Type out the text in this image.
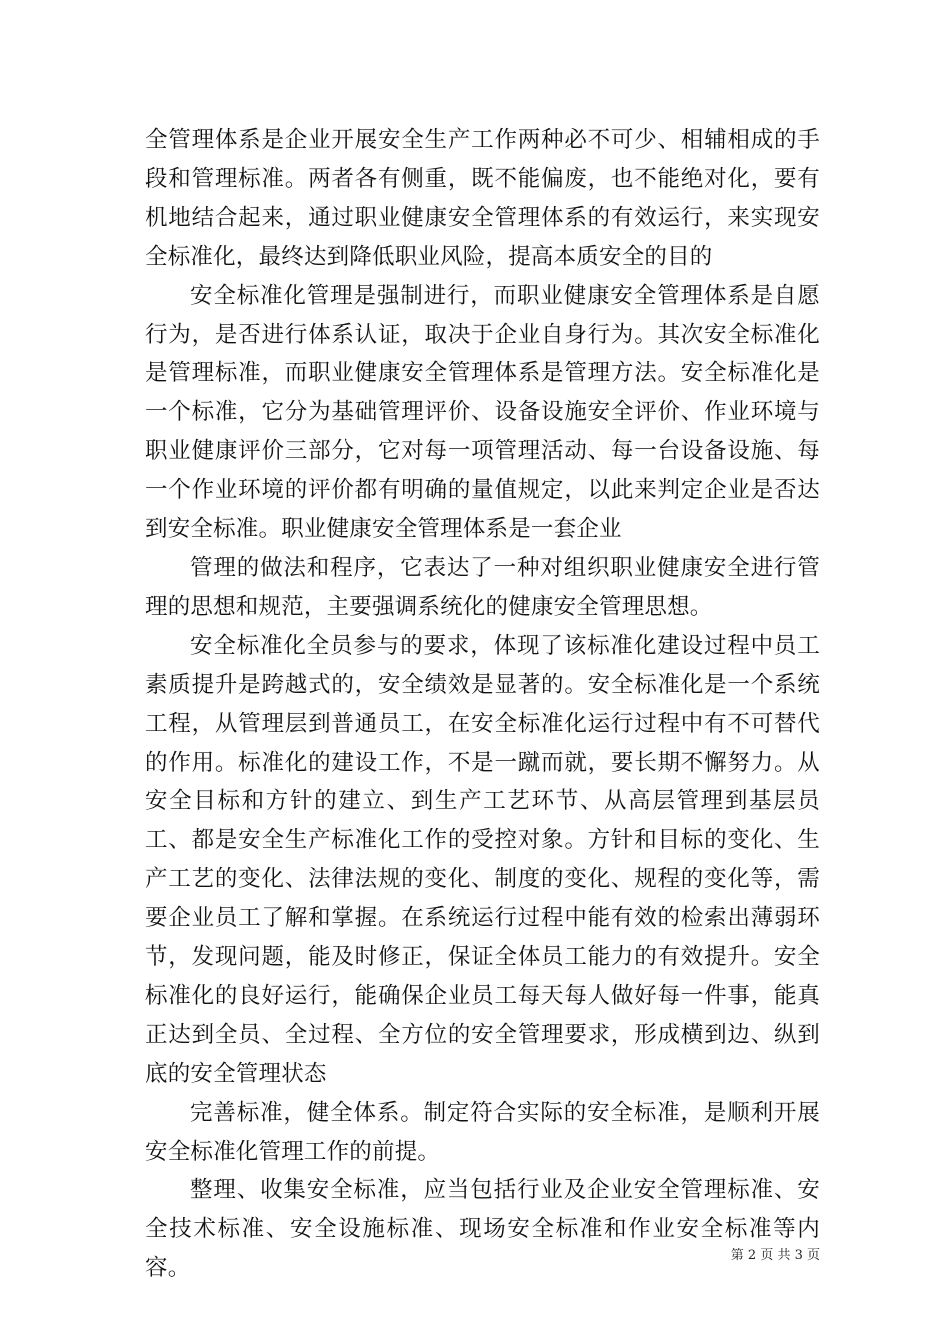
全管理体系是企业开展安全生产工作两种必不可少、相辅相成的手段和管理标准。两者各有侧重，既不能偏废，也不能绝对化，要有机地结合起来，通过职业健康安全管理体系的有效运行，来实现安全标准化，最终达到降低职业风险，提高本质安全的目的

安全标准化管理是强制进行，而职业健康安全管理体系是自愿行为，是否进行体系认证，取决于企业自身行为。其次安全标准化是管理标准，而职业健康安全管理体系是管理方法。安全标准化是一个标准，它分为基础管理评价、设备设施安全评价、作业环境与职业健康评价三部分，它对每一项管理活动、每一台设备设施、每一个作业环境的评价都有明确的量值规定，以此来判定企业是否达到安全标准。职业健康安全管理体系是一套企业

管理的做法和程序，它表达了一种对组织职业健康安全进行管理的思想和规范，主要强调系统化的健康安全管理思想。

安全标准化全员参与的要求，体现了该标准化建设过程中员工素质提升是跨越式的，安全绩效是显著的。安全标准化是一个系统工程，从管理层到普通员工，在安全标准化运行过程中有不可替代的作用。标准化的建设工作，不是一蹴而就，要长期不懈努力。从安全目标和方针的建立、到生产工艺环节、从高层管理到基层员工、都是安全生产标准化工作的受控对象。方针和目标的变化、生产工艺的变化、法律法规的变化、制度的变化、规程的变化等，需要企业员工了解和掌握。在系统运行过程中能有效的检索出薄弱环节，发现问题，能及时修正，保证全体员工能力的有效提升。安全标准化的良好运行，能确保企业员工每天每人做好每一件事，能真正达到全员、全过程、全方位的安全管理要求，形成横到边、纵到底的安全管理状态

完善标准，健全体系。制定符合实际的安全标准，是顺利开展安全标准化管理工作的前提。

整理、收集安全标准，应当包括行业及企业安全管理标准、安全技术标准、安全设施标准、现场安全标准和作业安全标准等内容。	第 2 页 共 3 页
